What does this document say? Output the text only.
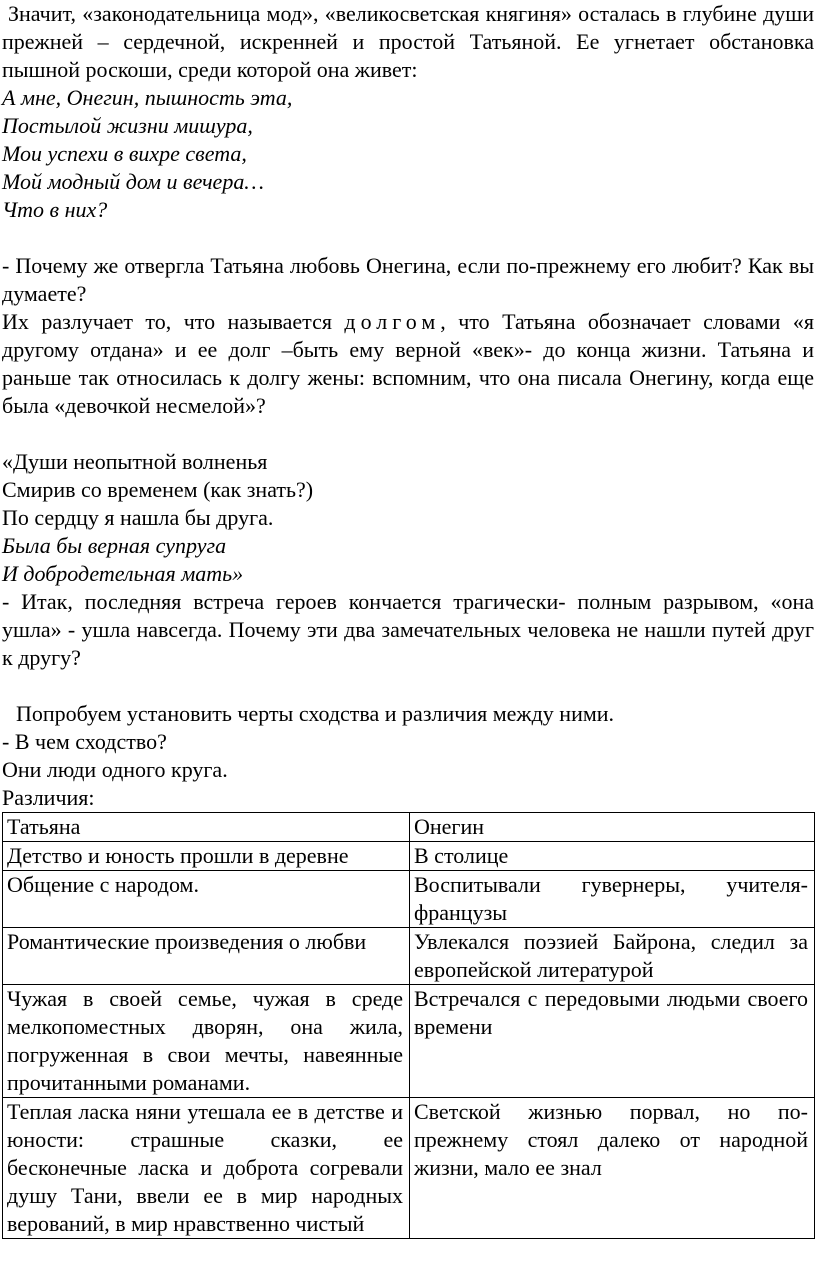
Значит, «законодательница мод», «великосветская княгиня» осталась в глубине души прежней – сердечной, искренней и простой Татьяной. Ее угнетает обстановка пышной роскоши, среди которой она живет:

А мне, Онегин, пышность эта,

Постылой жизни мишура,

Мои успехи в вихре света,

Мой модный дом и вечера…

Что в них?

- Почему же отвергла Татьяна любовь Онегина, если по-прежнему его любит? Как вы думаете?

Их разлучает то, что называется долгом, что Татьяна обозначает словами «я другому отдана» и ее долг –быть ему верной «век»- до конца жизни. Татьяна и раньше так относилась к долгу жены: вспомним, что она писала Онегину, когда еще была «девочкой несмелой»?

«Души неопытной волненья

Смирив со временем (как знать?)

По сердцу я нашла бы друга.

Была бы верная супруга

И добродетельная мать»

- Итак, последняя встреча героев кончается трагически- полным разрывом, «она ушла» - ушла навсегда. Почему эти два замечательных человека не нашли путей друг к другу?

Попробуем установить черты сходства и различия между ними.

- В чем сходство?

Они люди одного круга.

Различия:

Татьяна	Онегин
Детство и юность прошли в деревне	В столице
Общение с народом.	Воспитывали гувернеры, учителя-французы
Романтические произведения о любви	Увлекался поэзией Байрона, следил за европейской литературой
Чужая в своей семье, чужая в среде мелкопоместных дворян, она жила, погруженная в свои мечты, навеянные прочитанными романами.	Встречался с передовыми людьми своего времени
Теплая ласка няни утешала ее в детстве и юности: страшные сказки, ее бесконечные ласка и доброта согревали душу Тани, ввели ее в мир народных верований, в мир нравственно чистый	Светской жизнью порвал, но по-прежнему стоял далеко от народной жизни, мало ее знал
